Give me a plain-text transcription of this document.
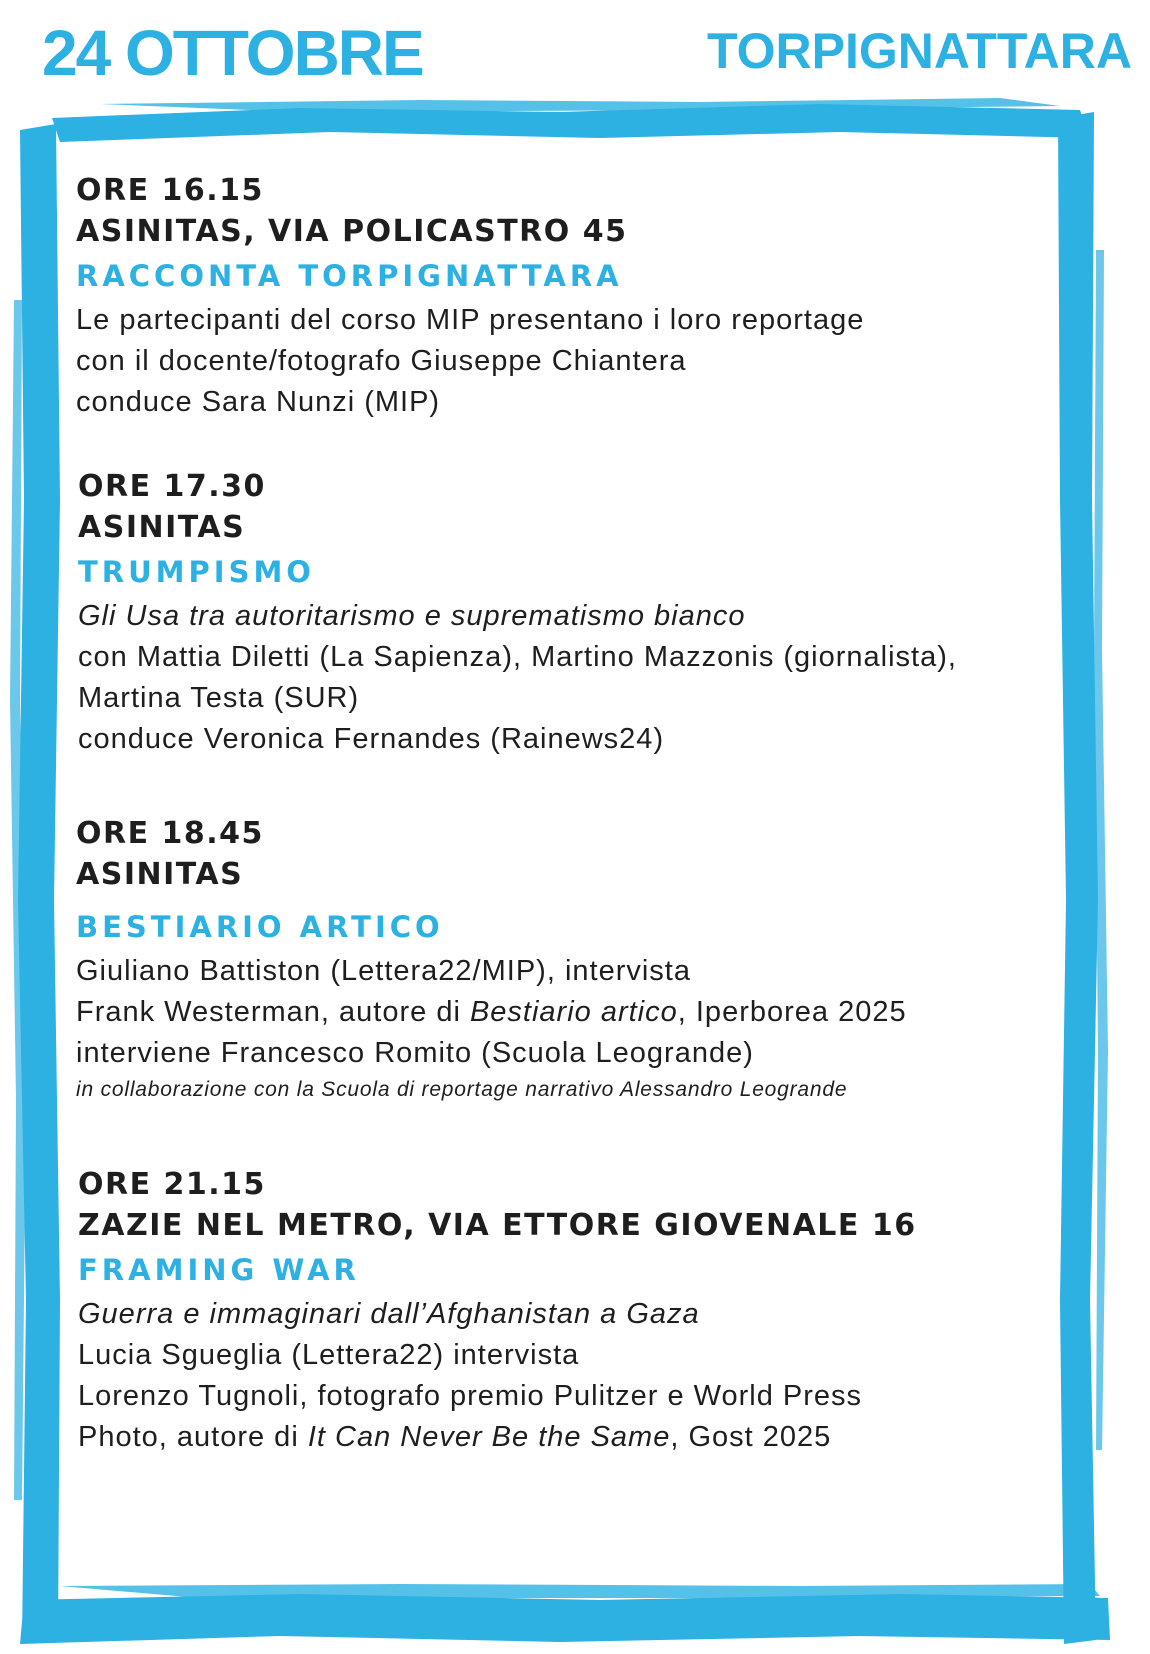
24 OTTOBRE	TORPIGNATTARA
ORE 16.15
ASINITAS, VIA POLICASTRO 45
RACCONTA TORPIGNATTARA
Le partecipanti del corso MIP presentano i loro reportage
con il docente/fotografo Giuseppe Chiantera
conduce Sara Nunzi (MIP)
ORE 17.30
ASINITAS
TRUMPISMO
Gli Usa tra autoritarismo e suprematismo bianco
con Mattia Diletti (La Sapienza), Martino Mazzonis (giornalista),
Martina Testa (SUR)
conduce Veronica Fernandes (Rainews24)
ORE 18.45
ASINITAS
BESTIARIO ARTICO
Giuliano Battiston (Lettera22/MIP), intervista
Frank Westerman, autore di Bestiario artico, Iperborea 2025
interviene Francesco Romito (Scuola Leogrande)
in collaborazione con la Scuola di reportage narrativo Alessandro Leogrande
ORE 21.15
ZAZIE NEL METRO, VIA ETTORE GIOVENALE 16
FRAMING WAR
Guerra e immaginari dall’Afghanistan a Gaza
Lucia Sgueglia (Lettera22) intervista
Lorenzo Tugnoli, fotografo premio Pulitzer e World Press
Photo, autore di It Can Never Be the Same, Gost 2025
